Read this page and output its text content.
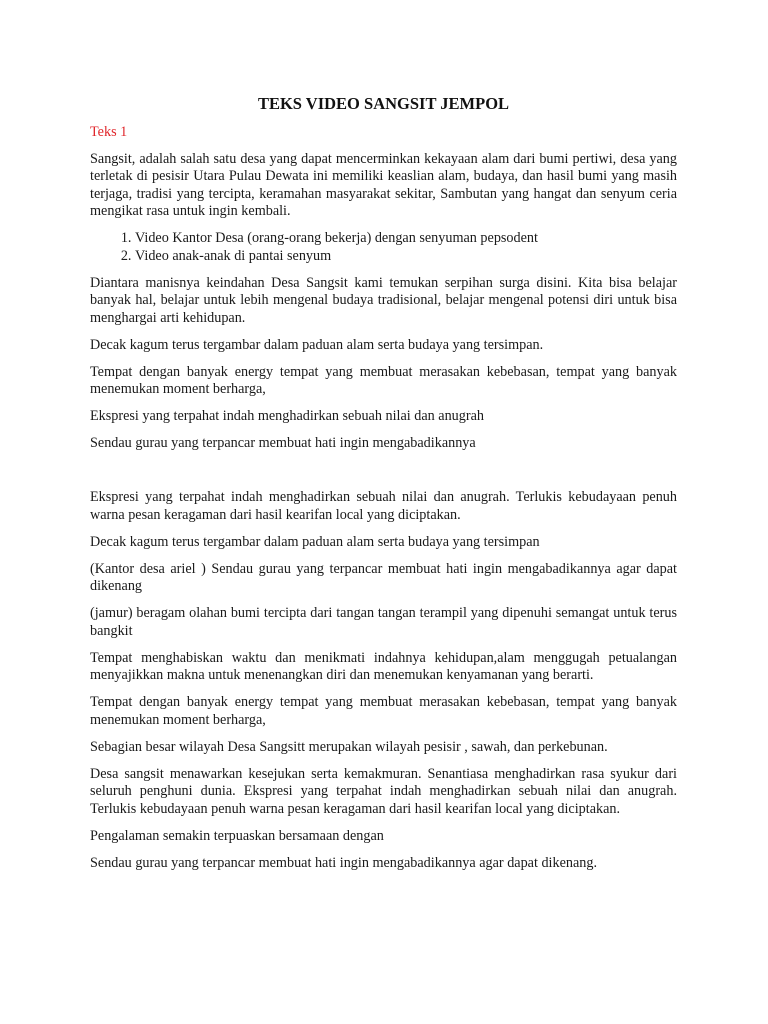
TEKS VIDEO SANGSIT JEMPOL
Teks 1

Sangsit, adalah salah satu desa yang dapat mencerminkan kekayaan alam dari bumi pertiwi, desa yang terletak di pesisir Utara Pulau Dewata ini memiliki keaslian alam, budaya, dan hasil bumi yang masih terjaga, tradisi yang tercipta, keramahan masyarakat sekitar, Sambutan yang hangat dan senyum ceria mengikat rasa untuk ingin kembali.

1. Video Kantor Desa (orang-orang bekerja) dengan senyuman pepsodent
2. Video anak-anak di pantai senyum

Diantara manisnya keindahan Desa Sangsit kami temukan serpihan surga disini. Kita bisa belajar banyak hal, belajar untuk lebih mengenal budaya tradisional, belajar mengenal potensi diri untuk bisa menghargai arti kehidupan.

Decak kagum terus tergambar dalam paduan alam serta budaya yang tersimpan.

Tempat dengan banyak energy tempat yang membuat merasakan kebebasan, tempat yang banyak menemukan moment berharga,

Ekspresi yang terpahat indah menghadirkan sebuah nilai dan anugrah

Sendau gurau yang terpancar membuat hati ingin mengabadikannya

Ekspresi yang terpahat indah menghadirkan sebuah nilai dan anugrah. Terlukis kebudayaan penuh warna pesan keragaman dari hasil kearifan local yang diciptakan.

Decak kagum terus tergambar dalam paduan alam serta budaya yang tersimpan

(Kantor desa ariel ) Sendau gurau yang terpancar membuat hati ingin mengabadikannya agar dapat dikenang

(jamur) beragam olahan bumi tercipta dari tangan tangan terampil yang dipenuhi semangat untuk terus bangkit

Tempat menghabiskan waktu dan menikmati indahnya kehidupan,alam menggugah petualangan menyajikkan makna untuk menenangkan diri dan menemukan kenyamanan yang berarti.

Tempat dengan banyak energy tempat yang membuat merasakan kebebasan, tempat yang banyak menemukan moment berharga,

Sebagian besar wilayah Desa Sangsitt merupakan wilayah pesisir , sawah, dan perkebunan.

Desa sangsit menawarkan kesejukan serta kemakmuran. Senantiasa menghadirkan rasa syukur dari seluruh penghuni dunia. Ekspresi yang terpahat indah menghadirkan sebuah nilai dan anugrah. Terlukis kebudayaan penuh warna pesan keragaman dari hasil kearifan local yang diciptakan.

Pengalaman semakin terpuaskan bersamaan dengan

Sendau gurau yang terpancar membuat hati ingin mengabadikannya agar dapat dikenang.
